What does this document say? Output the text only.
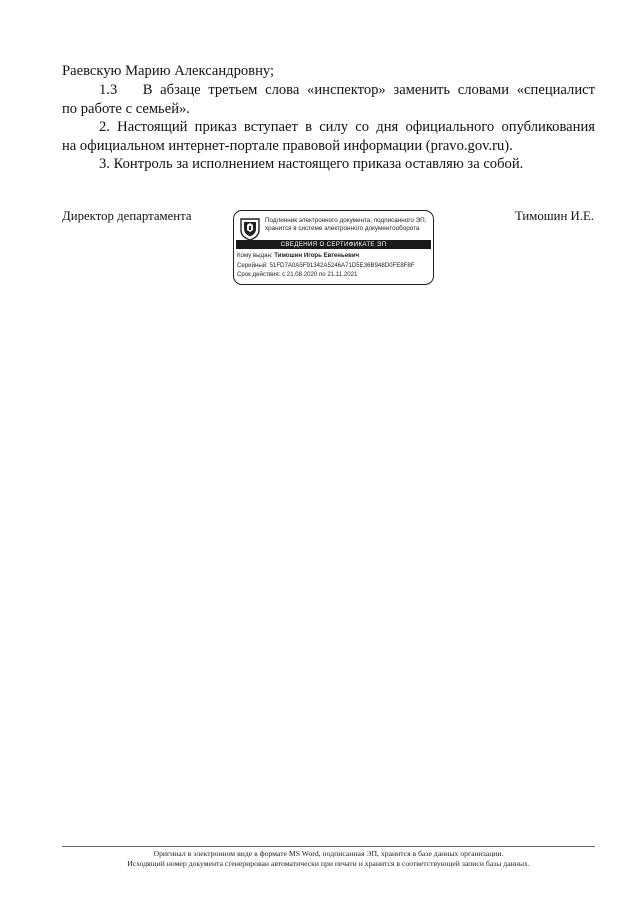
Раевскую Марию Александровну;
1.3 В абзаце третьем слова «инспектор» заменить словами «специалист
по работе с семьей».
2. Настоящий приказ вступает в силу со дня официального опубликования
на официальном интернет-портале правовой информации (pravo.gov.ru).
3. Контроль за исполнением настоящего приказа оставляю за собой.
Директор департамента	Тимошин И.Е.
Подлинник электронного документа, подписанного ЭП,
хранится в системе электронного документооборота
СВЕДЕНИЯ О СЕРТИФИКАТЕ ЭП
Кому выдан: Тимошин Игорь Евгеньевич
Серийный: 51FD7A0A5F91342A5246A71D5E36B948D0FE8F8F
Срок действия: с 21.08.2020 по 21.11.2021
Оригинал в электронном виде в формате MS Word, подписанная ЭП, хранится в базе данных организации.
Исходящий номер документа сгенерирован автоматически при печати и хранится в соответствующей записи базы данных.
